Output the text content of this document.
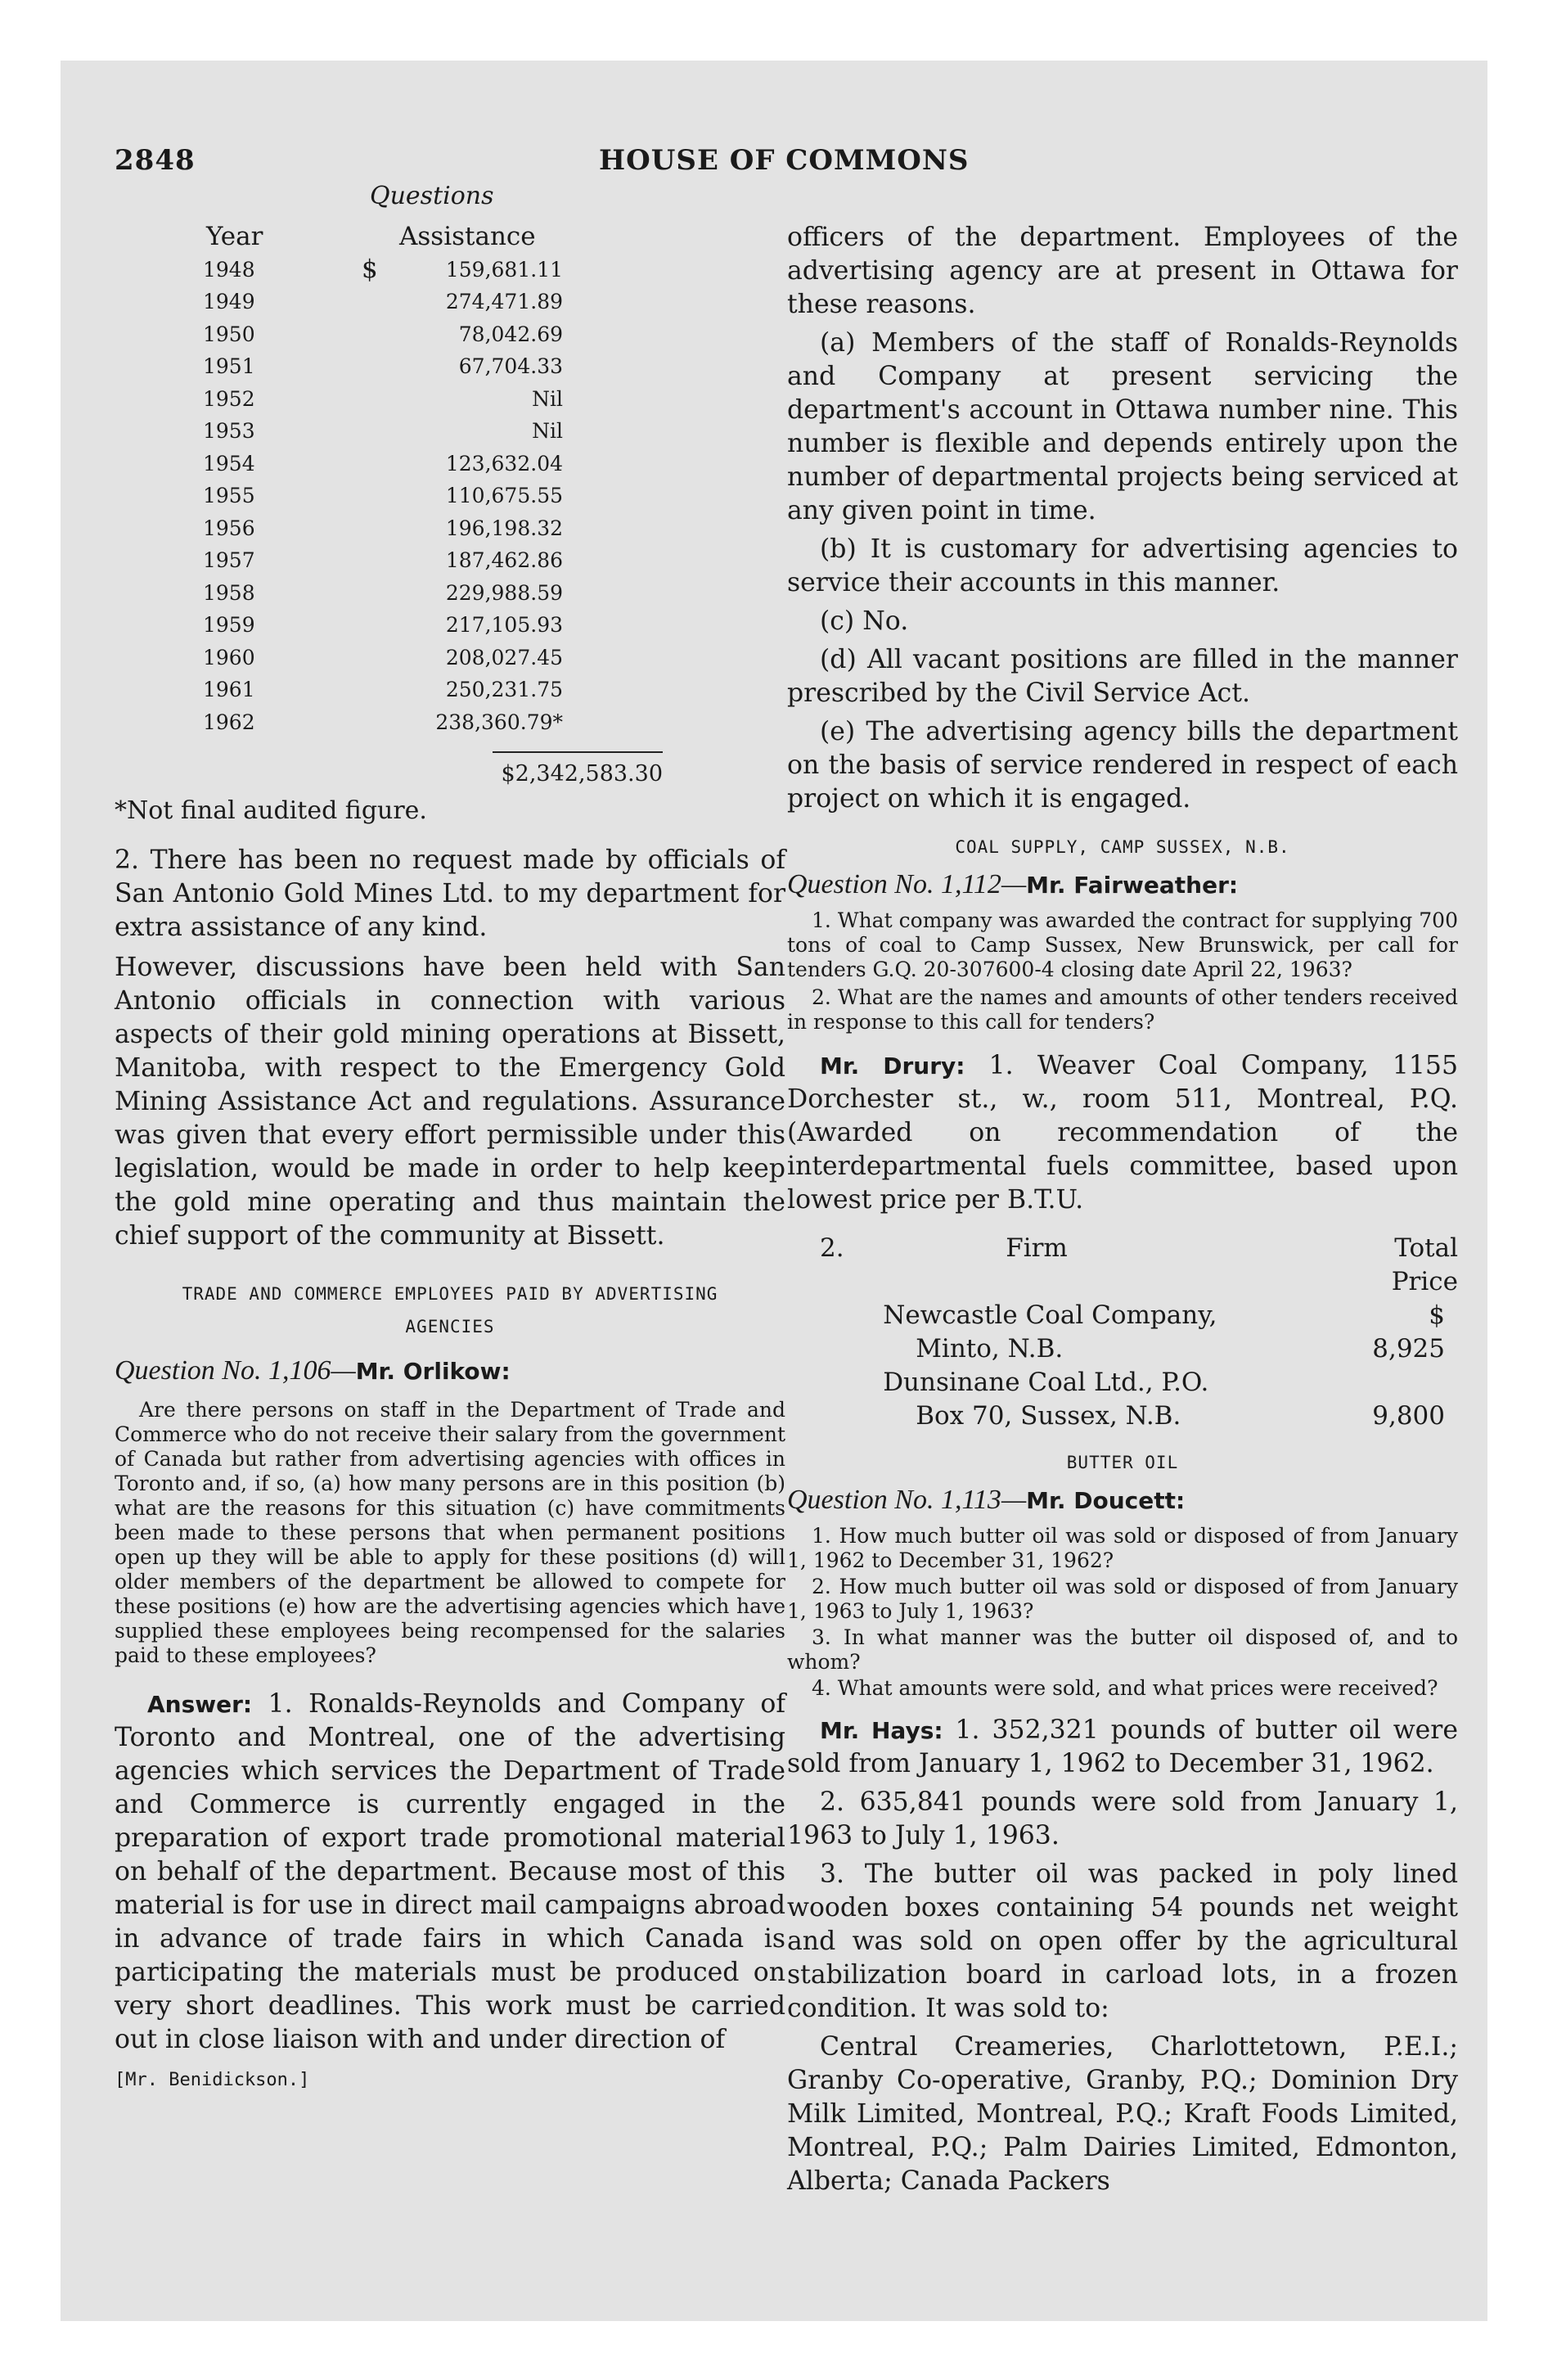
2848	HOUSE OF COMMONS
Questions
Year		Assistance
1948	$	159,681.11
1949		274,471.89
1950		78,042.69
1951		67,704.33
1952		Nil
1953		Nil
1954		123,632.04
1955		110,675.55
1956		196,198.32
1957		187,462.86
1958		229,988.59
1959		217,105.93
1960		208,027.45
1961		250,231.75
1962		238,360.79*
$2,342,583.30

*Not final audited figure.

2. There has been no request made by officials of San Antonio Gold Mines Ltd. to my department for extra assistance of any kind.

However, discussions have been held with San Antonio officials in connection with various aspects of their gold mining operations at Bissett, Manitoba, with respect to the Emergency Gold Mining Assistance Act and regulations. Assurance was given that every effort permissible under this legislation, would be made in order to help keep the gold mine operating and thus maintain the chief support of the community at Bissett.

TRADE AND COMMERCE EMPLOYEES PAID BY ADVERTISING AGENCIES

Question No. 1,106—Mr. Orlikow:

Are there persons on staff in the Department of Trade and Commerce who do not receive their salary from the government of Canada but rather from advertising agencies with offices in Toronto and, if so, (a) how many persons are in this position (b) what are the reasons for this situation (c) have commitments been made to these persons that when permanent positions open up they will be able to apply for these positions (d) will older members of the department be allowed to compete for these positions (e) how are the advertising agencies which have supplied these employees being recompensed for the salaries paid to these employees?

Answer: 1. Ronalds-Reynolds and Company of Toronto and Montreal, one of the advertising agencies which services the Department of Trade and Commerce is currently engaged in the preparation of export trade promotional material on behalf of the department. Because most of this material is for use in direct mail campaigns abroad in advance of trade fairs in which Canada is participating the materials must be produced on very short deadlines. This work must be carried out in close liaison with and under direction of

[Mr. Benidickson.]

officers of the department. Employees of the advertising agency are at present in Ottawa for these reasons.

(a) Members of the staff of Ronalds-Reynolds and Company at present servicing the department's account in Ottawa number nine. This number is flexible and depends entirely upon the number of departmental projects being serviced at any given point in time.

(b) It is customary for advertising agencies to service their accounts in this manner.

(c) No.

(d) All vacant positions are filled in the manner prescribed by the Civil Service Act.

(e) The advertising agency bills the department on the basis of service rendered in respect of each project on which it is engaged.

COAL SUPPLY, CAMP SUSSEX, N.B.

Question No. 1,112—Mr. Fairweather:

1. What company was awarded the contract for supplying 700 tons of coal to Camp Sussex, New Brunswick, per call for tenders G.Q. 20-307600-4 closing date April 22, 1963?

2. What are the names and amounts of other tenders received in response to this call for tenders?

Mr. Drury: 1. Weaver Coal Company, 1155 Dorchester st., w., room 511, Montreal, P.Q. (Awarded on recommendation of the interdepartmental fuels committee, based upon lowest price per B.T.U.

2.	Firm	Total Price

	Newcastle Coal Company,
Minto, N.B.	$ 8,925

	Dunsinane Coal Ltd., P.O.
Box 70, Sussex, N.B.	9,800

BUTTER OIL

Question No. 1,113—Mr. Doucett:

1. How much butter oil was sold or disposed of from January 1, 1962 to December 31, 1962?

2. How much butter oil was sold or disposed of from January 1, 1963 to July 1, 1963?

3. In what manner was the butter oil disposed of, and to whom?

4. What amounts were sold, and what prices were received?

Mr. Hays: 1. 352,321 pounds of butter oil were sold from January 1, 1962 to December 31, 1962.

2. 635,841 pounds were sold from January 1, 1963 to July 1, 1963.

3. The butter oil was packed in poly lined wooden boxes containing 54 pounds net weight and was sold on open offer by the agricultural stabilization board in carload lots, in a frozen condition. It was sold to:

Central Creameries, Charlottetown, P.E.I.; Granby Co-operative, Granby, P.Q.; Dominion Dry Milk Limited, Montreal, P.Q.; Kraft Foods Limited, Montreal, P.Q.; Palm Dairies Limited, Edmonton, Alberta; Canada Packers
